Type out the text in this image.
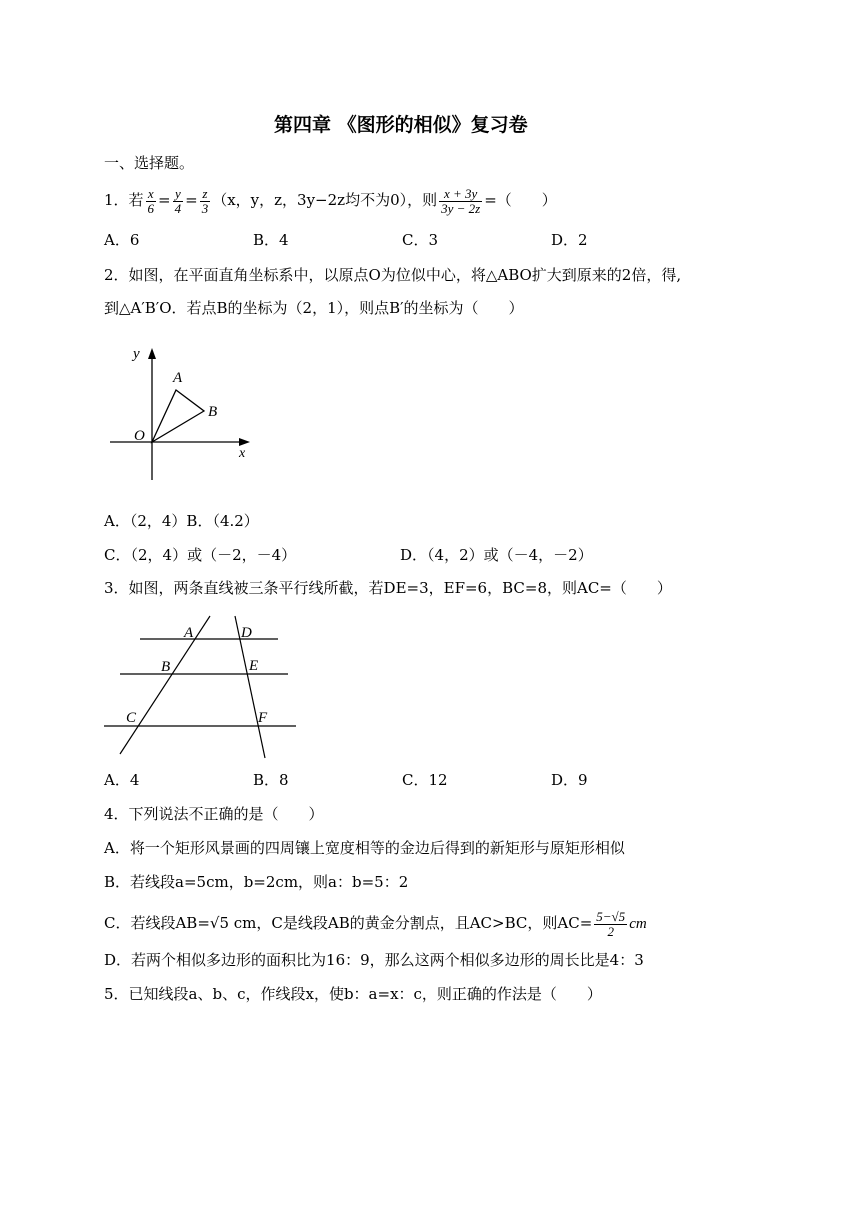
第四章 《图形的相似》复习卷
一、选择题。
1．若 $\frac{x}{6} = \frac{y}{4} = \frac{z}{3} (x$，y，z，3y−2z均不为0），则 $\frac{x + 3y}{3y - 2z}$ =（　　）
A．6	B．4	C．3	D．2
2．如图，在平面直角坐标系中，以原点O为位似中心，将△ABO扩大到原来的2倍，得,
到△A′B′O．若点B的坐标为（2，1），则点B′的坐标为（　　）
y
x
O
A
B
A．（2，4）B．（4.2）
C．（2，4）或（－2，－4）	D．（4，2）或（－4，－2）
3．如图，两条直线被三条平行线所截，若DE=3，EF=6，BC=8，则AC=（　　）
A	D
B	E
C	F
A．4	B．8	C．12	D．9
4．下列说法不正确的是（　　）
A．将一个矩形风景画的四周镶上宽度相等的金边后得到的新矩形与原矩形相似
B．若线段a=5cm，b=2cm，则a：b=5：2
C．若线段AB=√5 cm，C是线段AB的黄金分割点，且AC>BC，则$AC= \frac{5-√5}{2}$ cm
D．若两个相似多边形的面积比为16：9，那么这两个相似多边形的周长比是4：3
5．已知线段a、b、c，作线段x，使b：a=x：c，则正确的作法是（　　）
